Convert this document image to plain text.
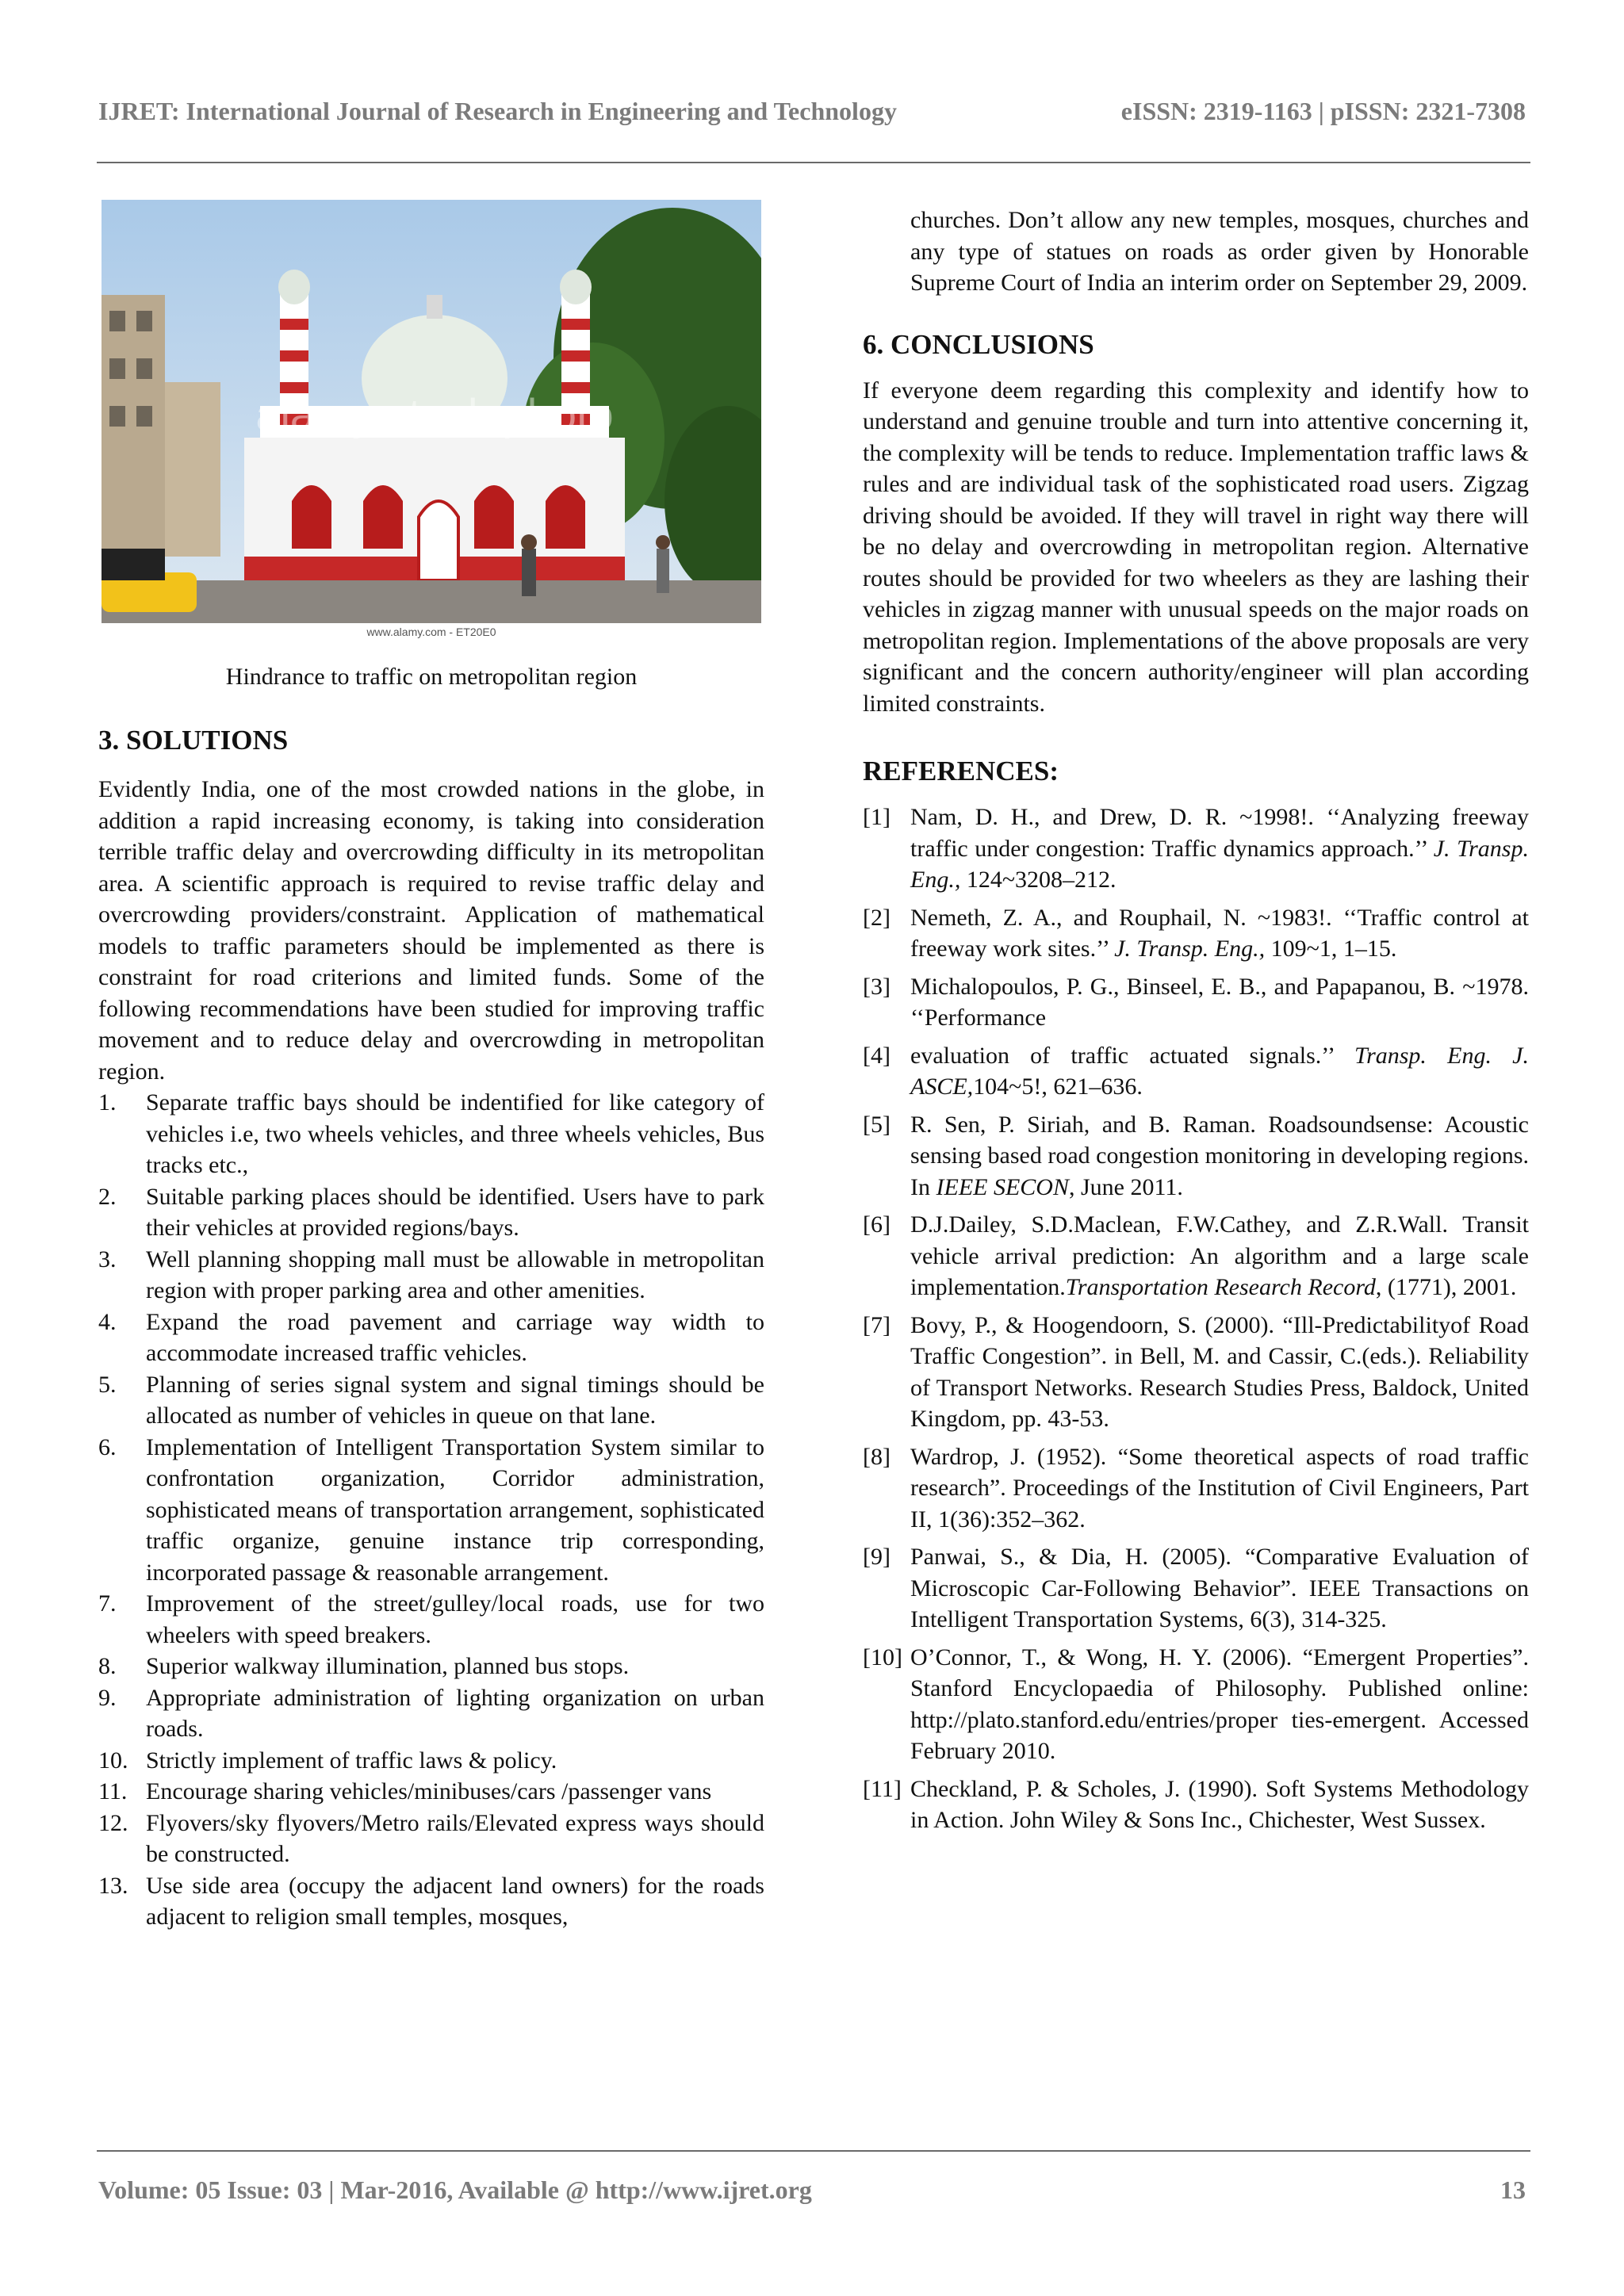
IJRET: International Journal of Research in Engineering and Technology	eISSN: 2319-1163 | pISSN: 2321-7308
alamy stock photo
www.alamy.com - ET20E0
Hindrance to traffic on metropolitan region
3. SOLUTIONS

Evidently India, one of the most crowded nations in the globe, in addition a rapid increasing economy, is taking into consideration terrible traffic delay and overcrowding difficulty in its metropolitan area. A scientific approach is required to revise traffic delay and overcrowding providers/constraint. Application of mathematical models to traffic parameters should be implemented as there is constraint for road criterions and limited funds. Some of the following recommendations have been studied for improving traffic movement and to reduce delay and overcrowding in metropolitan region.

1. Separate traffic bays should be indentified for like category of vehicles i.e, two wheels vehicles, and three wheels vehicles, Bus tracks etc.,
2. Suitable parking places should be identified. Users have to park their vehicles at provided regions/bays.
3. Well planning shopping mall must be allowable in metropolitan region with proper parking area and other amenities.
4. Expand the road pavement and carriage way width to accommodate increased traffic vehicles.
5. Planning of series signal system and signal timings should be allocated as number of vehicles in queue on that lane.
6. Implementation of Intelligent Transportation System similar to confrontation organization, Corridor administration, sophisticated means of transportation arrangement, sophisticated traffic organize, genuine instance trip corresponding, incorporated passage & reasonable arrangement.
7. Improvement of the street/gulley/local roads, use for two wheelers with speed breakers.
8. Superior walkway illumination, planned bus stops.
9. Appropriate administration of lighting organization on urban roads.
10. Strictly implement of traffic laws & policy.
11. Encourage sharing vehicles/minibuses/cars /passenger vans
12. Flyovers/sky flyovers/Metro rails/Elevated express ways should be constructed.
13. Use side area (occupy the adjacent land owners) for the roads adjacent to religion small temples, mosques,

churches. Don’t allow any new temples, mosques, churches and any type of statues on roads as order given by Honorable Supreme Court of India an interim order on September 29, 2009.

6. CONCLUSIONS

If everyone deem regarding this complexity and identify how to understand and genuine trouble and turn into attentive concerning it, the complexity will be tends to reduce. Implementation traffic laws & rules and are individual task of the sophisticated road users. Zigzag driving should be avoided. If they will travel in right way there will be no delay and overcrowding in metropolitan region. Alternative routes should be provided for two wheelers as they are lashing their vehicles in zigzag manner with unusual speeds on the major roads on metropolitan region. Implementations of the above proposals are very significant and the concern authority/engineer will plan according limited constraints.

REFERENCES:
[1] Nam, D. H., and Drew, D. R. ~1998!. ‘‘Analyzing freeway traffic under congestion: Traffic dynamics approach.’’ J. Transp. Eng., 124~3208–212.
[2] Nemeth, Z. A., and Rouphail, N. ~1983!. ‘‘Traffic control at freeway work sites.’’ J. Transp. Eng., 109~1, 1–15.
[3] Michalopoulos, P. G., Binseel, E. B., and Papapanou, B. ~1978. ‘‘Performance
[4] evaluation of traffic actuated signals.’’ Transp. Eng. J. ASCE,104~5!, 621–636.
[5] R. Sen, P. Siriah, and B. Raman. Roadsoundsense: Acoustic sensing based road congestion monitoring in developing regions. In IEEE SECON, June 2011.
[6] D.J.Dailey, S.D.Maclean, F.W.Cathey, and Z.R.Wall. Transit vehicle arrival prediction: An algorithm and a large scale implementation.Transportation Research Record, (1771), 2001.
[7] Bovy, P., & Hoogendoorn, S. (2000). “Ill-Predictabilityof Road Traffic Congestion”. in Bell, M. and Cassir, C.(eds.). Reliability of Transport Networks. Research Studies Press, Baldock, United Kingdom, pp. 43-53.
[8] Wardrop, J. (1952). “Some theoretical aspects of road traffic research”. Proceedings of the Institution of Civil Engineers, Part II, 1(36):352–362.
[9] Panwai, S., & Dia, H. (2005). “Comparative Evaluation of Microscopic Car-Following Behavior”. IEEE Transactions on Intelligent Transportation Systems, 6(3), 314-325.
[10] O’Connor, T., & Wong, H. Y. (2006). “Emergent Properties”. Stanford Encyclopaedia of Philosophy. Published online: http://plato.stanford.edu/entries/proper ties-emergent. Accessed February 2010.
[11] Checkland, P. & Scholes, J. (1990). Soft Systems Methodology in Action. John Wiley & Sons Inc., Chichester, West Sussex.
Volume: 05 Issue: 03 | Mar-2016, Available @ http://www.ijret.org	13
